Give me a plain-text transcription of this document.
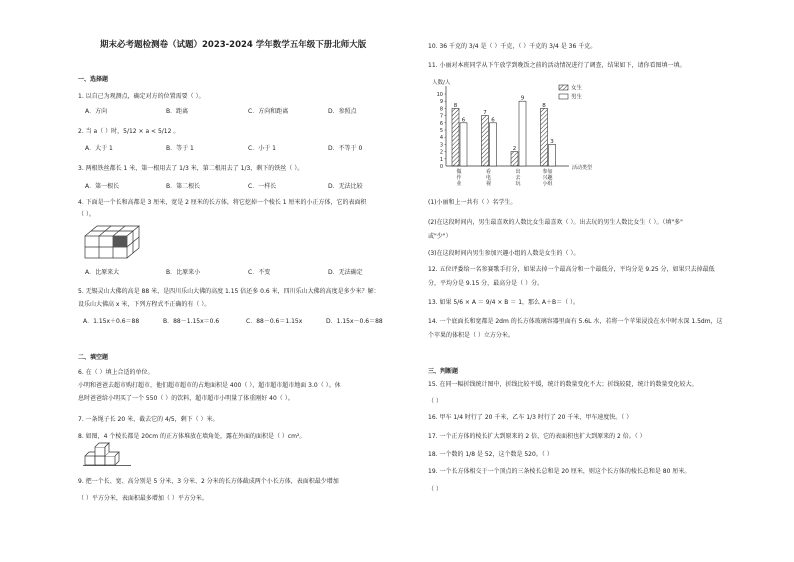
期末必考题检测卷（试题）2023-2024 学年数学五年级下册北师大版
一、选择题
1. 以自己为观测点，确定对方的位置需要（ ）。
A．方向	B．距离	C．方向和距离	D．参照点
2. 当 a（ ）时，5/12 × a < 5/12 。
A．大于 1	B．等于 1	C．小于 1	D．不等于 0
3. 两根铁丝都长 1 米，第一根用去了 1/3 米，第二根用去了 1/3，剩下的铁丝（ ）。
A．第一根长	B．第二根长	C．一样长	D．无法比较
4. 下面是一个长和高都是 3 厘米，宽是 2 厘米的长方体，将它挖掉一个棱长 1 厘米的小正方体，它的表面积
（ ）。
A．比原来大	B．比原来小	C．不变	D．无法确定
5. 无锡灵山大佛的高是 88 米，是四川乐山大佛的高度 1.15 倍还多 0.6 米，四川乐山大佛的高度是多少米？解：
设乐山大佛高 x 米，下列方程式不正确的有（ ）。
A．1.15x＋0.6＝88	B．88－1.15x＝0.6	C．88－0.6＝1.15x	D．1.15x－0.6＝88
二、填空题
6. 在（ ）填上合适的单位。
小明和爸爸去超市购打超市，他们超市超市的占地面积是 400（ ），超市超市超市地面 3.0（ ）。休
息时爸爸给小明买了一个 550（ ）的饮料，超市超市小明量了体重刚好 40（ ）。
7. 一条绳子长 20 米，截去它的 4/5，剩下（ ）米。
8. 如图，4 个棱长都是 20cm 的正方体堆放在墙角处，露在外面的面积是（ ）cm²。
9. 把一个长、宽、高分别是 5 分米，3 分米、2 分米的长方体截成两个小长方体，表面积最少增加
（ ）平方分米，表面积最多增加（ ）平方分米。
10. 36 千克的 3/4 是（ ）千克，（ ）千克的 3/4 是 36 千克。
11. 小丽对本班同学从下午放学到晚饭之前的活动情况进行了调查，结果如下，请你看图填一填。
人数/人
活动类型
0
1
2
3
4
5
6
7
8
9
10
8
6
做
作
业
7
6
看
电
视
2
9
出
去
玩
8
3
参加
兴趣
小组
女生
男生
(1)小丽和上一共有（ ）名学生。
(2)在这段时间内，男生最喜欢的人数比女生最喜欢（ ）。出去玩的男生人数比女生（ ）。（填"多"
或"少"）
(3)在这段时间内男生参加兴趣小组的人数是女生的（ ）。
12. 五位评委给一名参赛歌手打分，如果去掉一个最高分和一个最低分，平均分是 9.25 分，如果只去掉最低
分，平均分是 9.15 分，最高分是（ ）分。
13. 如果 5/6 × A ＝ 9/4 × B ＝ 1，那么 A＋B＝（ ）。
14. 一个底面长和宽都是 2dm 的长方体玻璃容器里面有 5.6L 水，若将一个苹果浸没在水中时水深 1.5dm，这
个苹果的体积是（ ）立方分米。
三、判断题
15. 在同一幅折线统计图中，折线比较平缓，统计的数量变化不大；折线较陡，统计的数量变化较大。
（ ）
16. 甲车 1/4 时行了 20 千米，乙车 1/3 时行了 20 千米，甲车速度快。（ ）
17. 一个正方体的棱长扩大到原来的 2 倍，它的表面积也扩大到原来的 2 倍。（ ）
18. 一个数的 1/8 是 52，这个数是 520。（ ）
19. 一个长方体相交于一个顶点的三条棱长总和是 20 厘米，则这个长方体的棱长总和是 80 厘米。
（ ）
